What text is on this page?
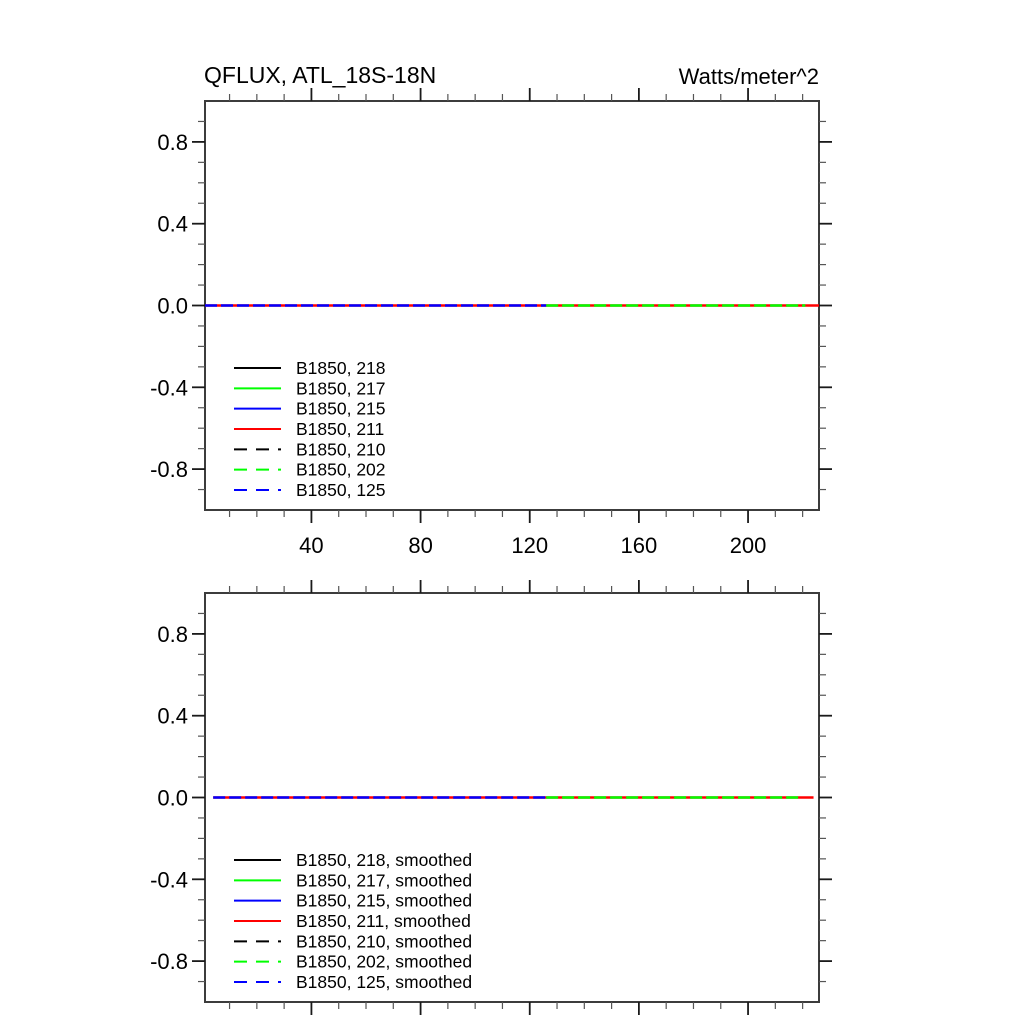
QFLUX, ATL_18S-18N	Watts/meter^2
0.8
0.4
0.0
-0.4
-0.8
40	80	120	160	200
B1850, 218
B1850, 217
B1850, 215
B1850, 211
B1850, 210
B1850, 202
B1850, 125
0.8
0.4
0.0
-0.4
-0.8
B1850, 218, smoothed
B1850, 217, smoothed
B1850, 215, smoothed
B1850, 211, smoothed
B1850, 210, smoothed
B1850, 202, smoothed
B1850, 125, smoothed
